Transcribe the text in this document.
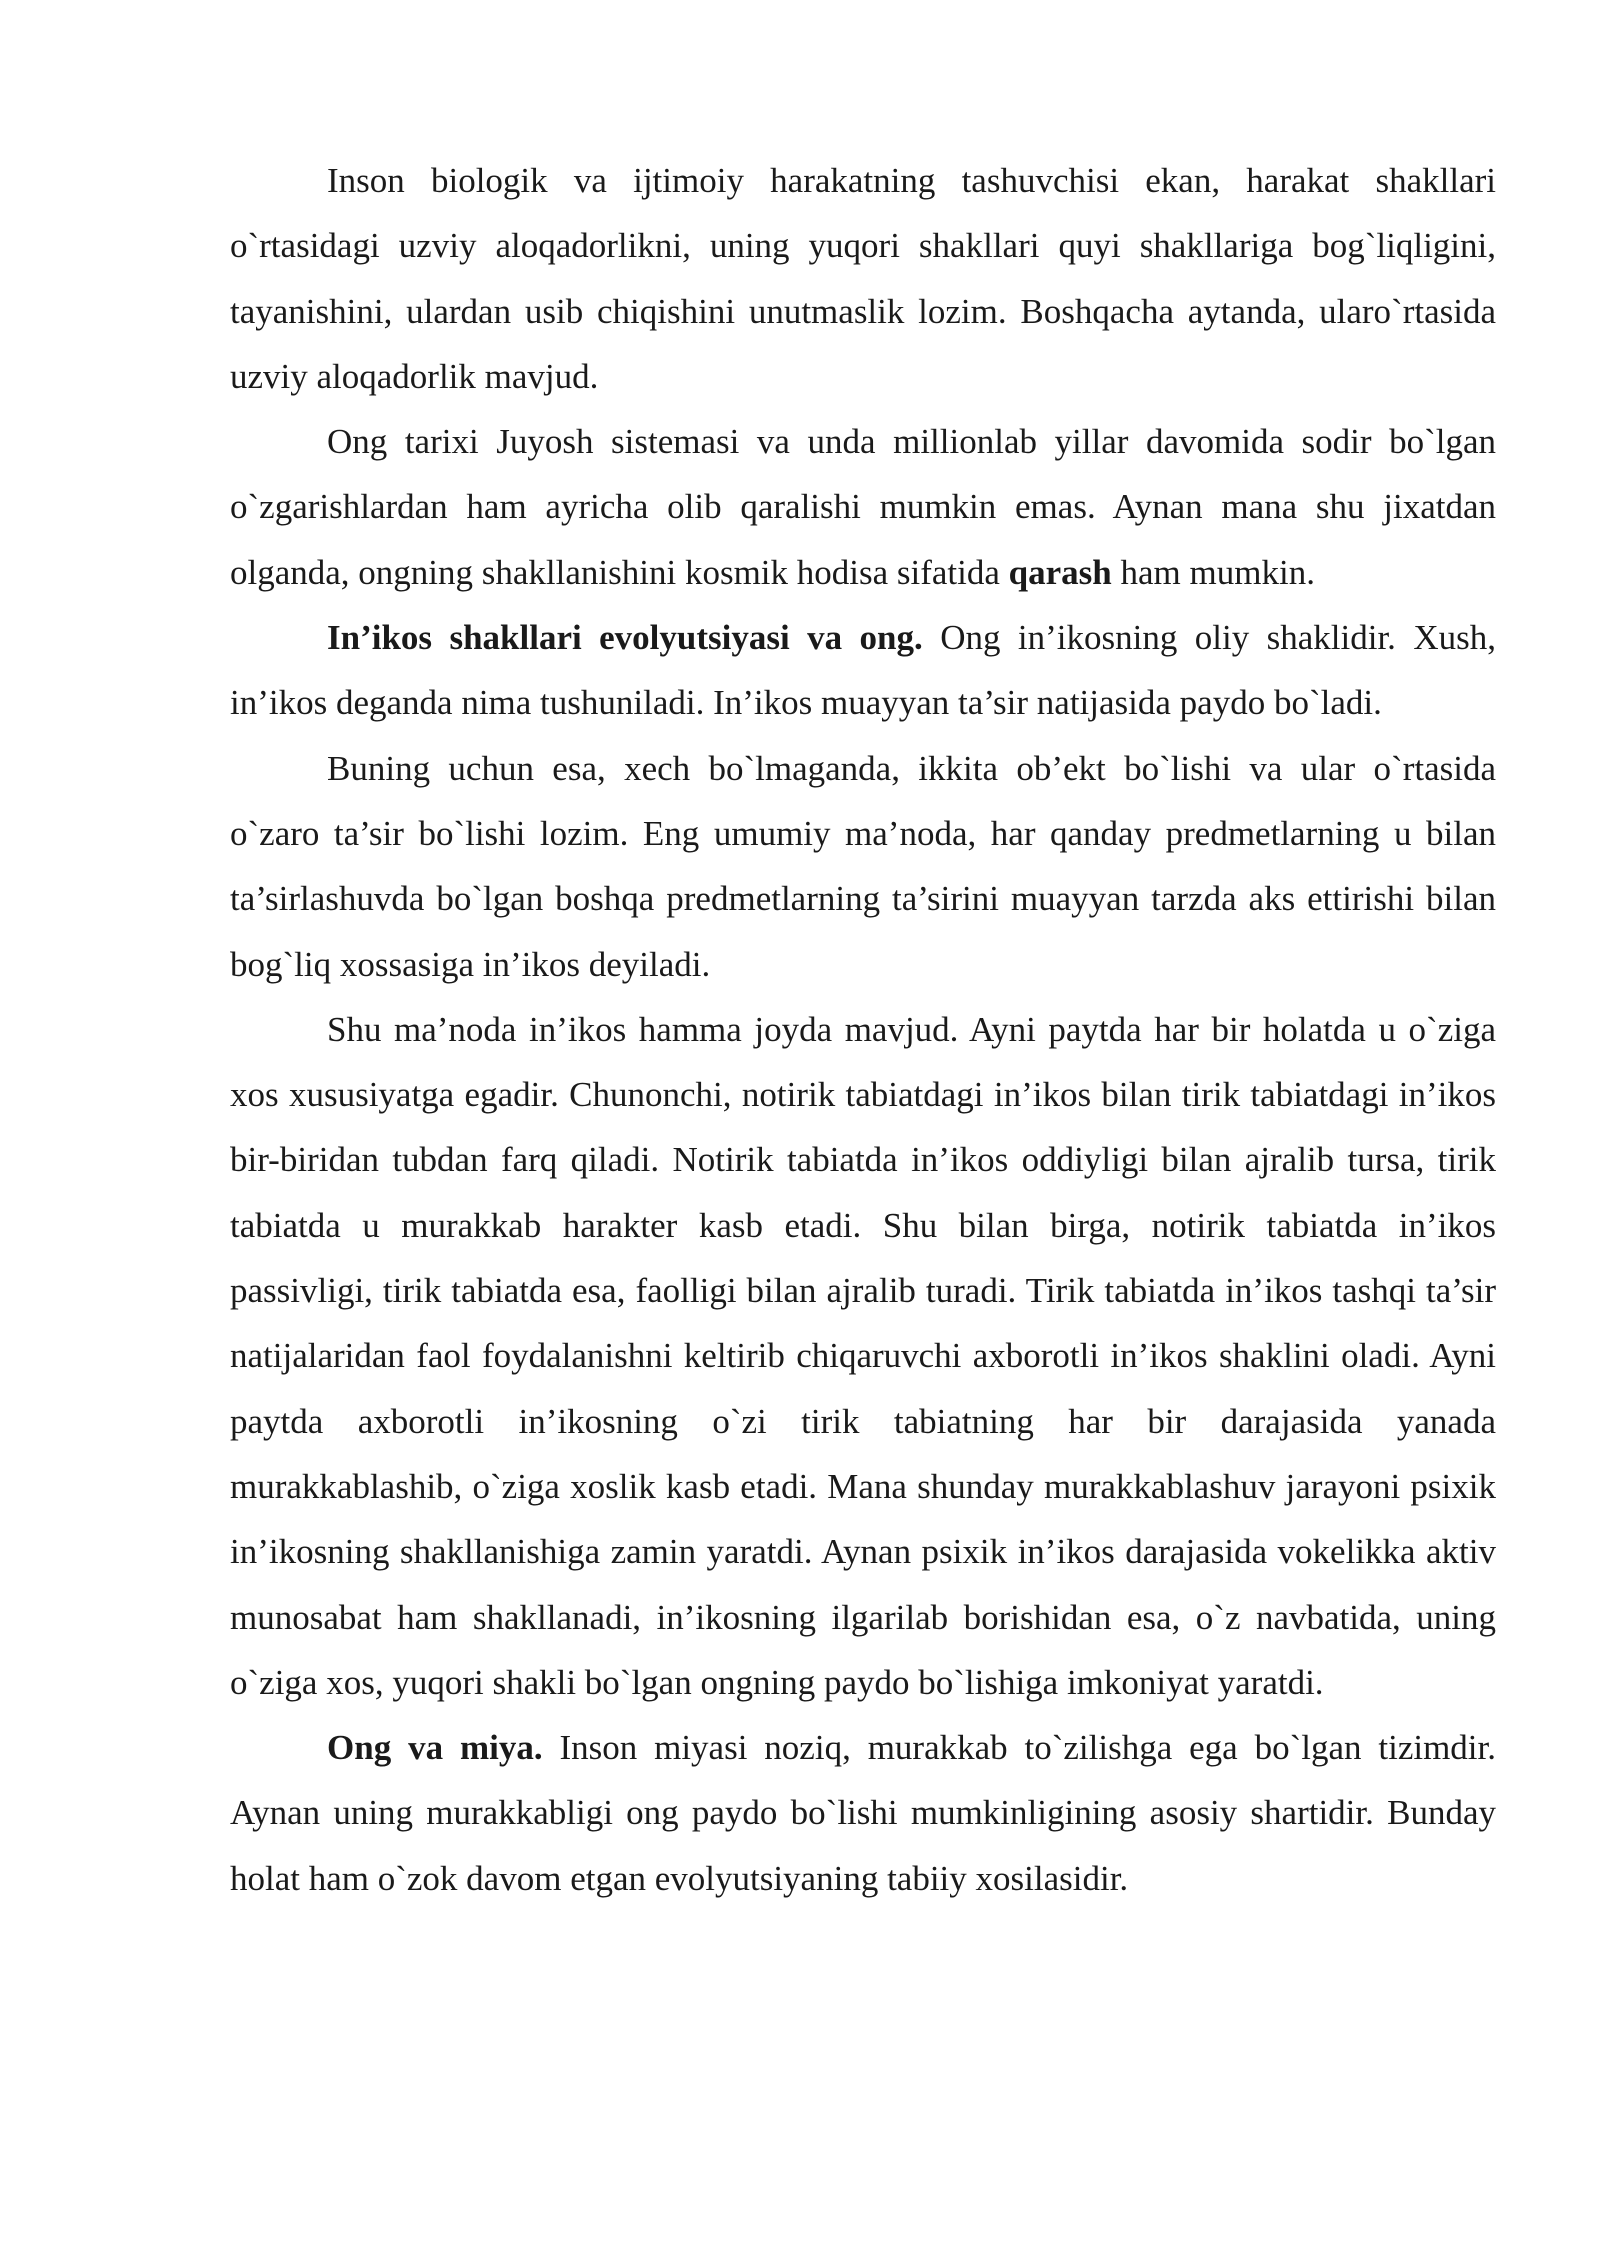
Inson biologik va ijtimoiy harakatning tashuvchisi ekan, harakat shakllari o`rtasidagi uzviy aloqadorlikni, uning yuqori shakllari quyi shakllariga bog`liqligini, tayanishini, ulardan usib chiqishini unutmaslik lozim. Boshqacha aytanda, ularo`rtasida uzviy aloqadorlik mavjud.

Ong tarixi Juyosh sistemasi va unda millionlab yillar davomida sodir bo`lgan o`zgarishlardan ham ayricha olib qaralishi mumkin emas. Aynan mana shu jixatdan olganda, ongning shakllanishini kosmik hodisa sifatida qarash ham mumkin.

In’ikos shakllari evolyutsiyasi va ong. Ong in’ikosning oliy shaklidir. Xush, in’ikos deganda nima tushuniladi. In’ikos muayyan ta’sir natijasida paydo bo`ladi.

Buning uchun esa, xech bo`lmaganda, ikkita ob’ekt bo`lishi va ular o`rtasida o`zaro ta’sir bo`lishi lozim. Eng umumiy ma’noda, har qanday predmetlarning u bilan ta’sirlashuvda bo`lgan boshqa predmetlarning ta’sirini muayyan tarzda aks ettirishi bilan bog`liq xossasiga in’ikos deyiladi.

Shu ma’noda in’ikos hamma joyda mavjud. Ayni paytda har bir holatda u o`ziga xos xususiyatga egadir. Chunonchi, notirik tabiatdagi in’ikos bilan tirik tabiatdagi in’ikos bir-biridan tubdan farq qiladi. Notirik tabiatda in’ikos oddiyligi bilan ajralib tursa, tirik tabiatda u murakkab harakter kasb etadi. Shu bilan birga, notirik tabiatda in’ikos passivligi, tirik tabiatda esa, faolligi bilan ajralib turadi. Tirik tabiatda in’ikos tashqi ta’sir natijalaridan faol foydalanishni keltirib chiqaruvchi axborotli in’ikos shaklini oladi. Ayni paytda axborotli in’ikosning o`zi tirik tabiatning har bir darajasida yanada murakkablashib, o`ziga xoslik kasb etadi. Mana shunday murakkablashuv jarayoni psixik in’ikosning shakllanishiga zamin yaratdi. Aynan psixik in’ikos darajasida vokelikka aktiv munosabat ham shakllanadi, in’ikosning ilgarilab borishidan esa, o`z navbatida, uning o`ziga xos, yuqori shakli bo`lgan ongning paydo bo`lishiga imkoniyat yaratdi.

Ong va miya. Inson miyasi noziq, murakkab to`zilishga ega bo`lgan tizimdir. Aynan uning murakkabligi ong paydo bo`lishi mumkinligining asosiy shartidir. Bunday holat ham o`zok davom etgan evolyutsiyaning tabiiy xosilasidir.
